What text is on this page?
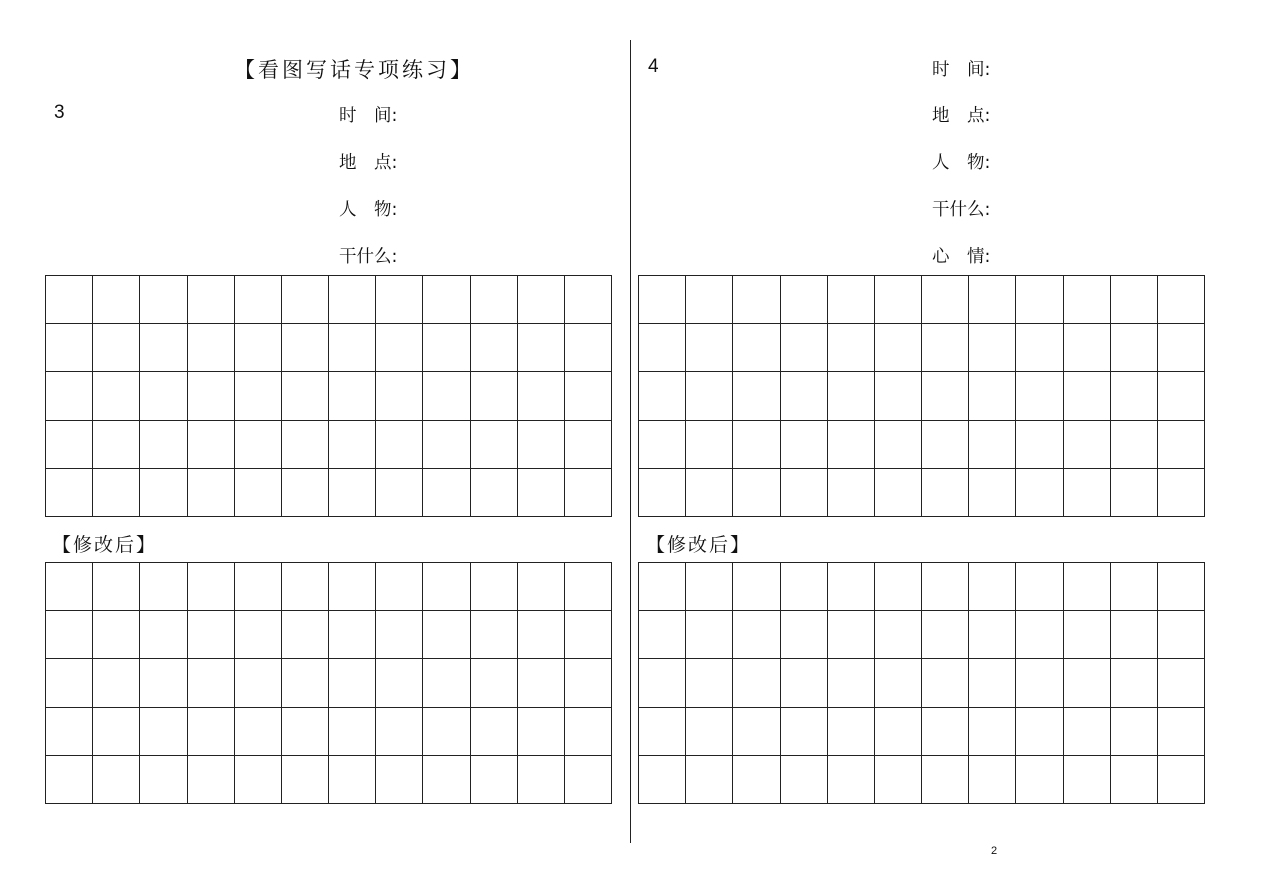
【看图写话专项练习】
3	时　间:
地　点:
人　物:
干什么:
【修改后】
4	时　间:
地　点:
人　物:
干什么:
心　情:
【修改后】
2
